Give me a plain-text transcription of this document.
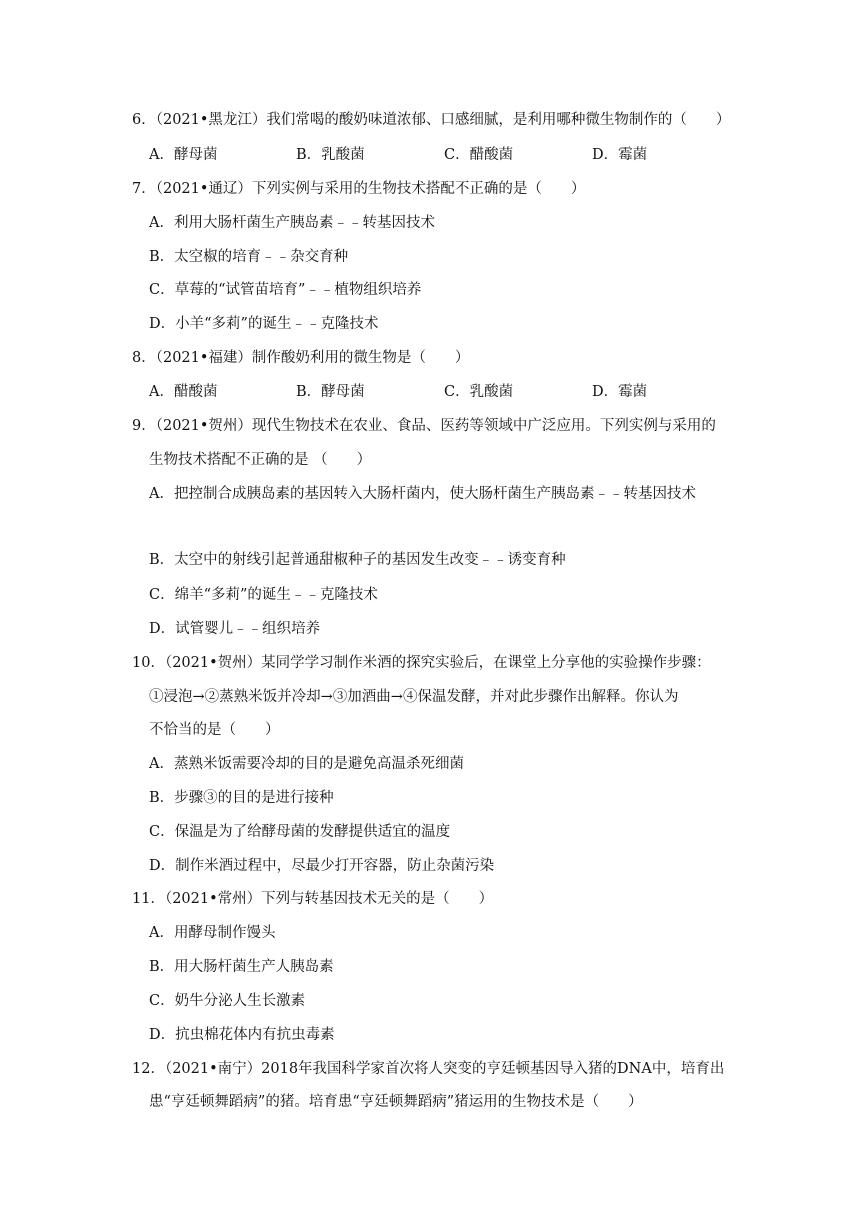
6．（2021•黑龙江）我们常喝的酸奶味道浓郁、口感细腻，是利用哪种微生物制作的（　　）
A．酵母菌	B．乳酸菌	C．醋酸菌	D．霉菌
7．（2021•通辽）下列实例与采用的生物技术搭配不正确的是（　　）
A．利用大肠杆菌生产胰岛素﹣﹣转基因技术
B．太空椒的培育﹣﹣杂交育种
C．草莓的“试管苗培育”﹣﹣植物组织培养
D．小羊“多莉”的诞生﹣﹣克隆技术
8．（2021•福建）制作酸奶利用的微生物是（　　）
A．醋酸菌	B．酵母菌	C．乳酸菌	D．霉菌
9．（2021•贺州）现代生物技术在农业、食品、医药等领域中广泛应用。下列实例与采用的
生物技术搭配不正确的是 （　　）
A．把控制合成胰岛素的基因转入大肠杆菌内，使大肠杆菌生产胰岛素﹣﹣转基因技术
B．太空中的射线引起普通甜椒种子的基因发生改变﹣﹣诱变育种
C．绵羊“多莉”的诞生﹣﹣克隆技术
D．试管婴儿﹣﹣组织培养
10．（2021•贺州）某同学学习制作米酒的探究实验后，在课堂上分享他的实验操作步骤：
①浸泡→②蒸熟米饭并冷却→③加酒曲→④保温发酵，并对此步骤作出解释。你认为
不恰当的是（　　）
A．蒸熟米饭需要冷却的目的是避免高温杀死细菌
B．步骤③的目的是进行接种
C．保温是为了给酵母菌的发酵提供适宜的温度
D．制作米酒过程中，尽最少打开容器，防止杂菌污染
11．（2021•常州）下列与转基因技术无关的是（　　）
A．用酵母制作馒头
B．用大肠杆菌生产人胰岛素
C．奶牛分泌人生长激素
D．抗虫棉花体内有抗虫毒素
12．（2021•南宁）2018年我国科学家首次将人突变的亨廷顿基因导入猪的DNA中，培育出
患“亨廷顿舞蹈病”的猪。培育患“亨廷顿舞蹈病”猪运用的生物技术是（　　）
